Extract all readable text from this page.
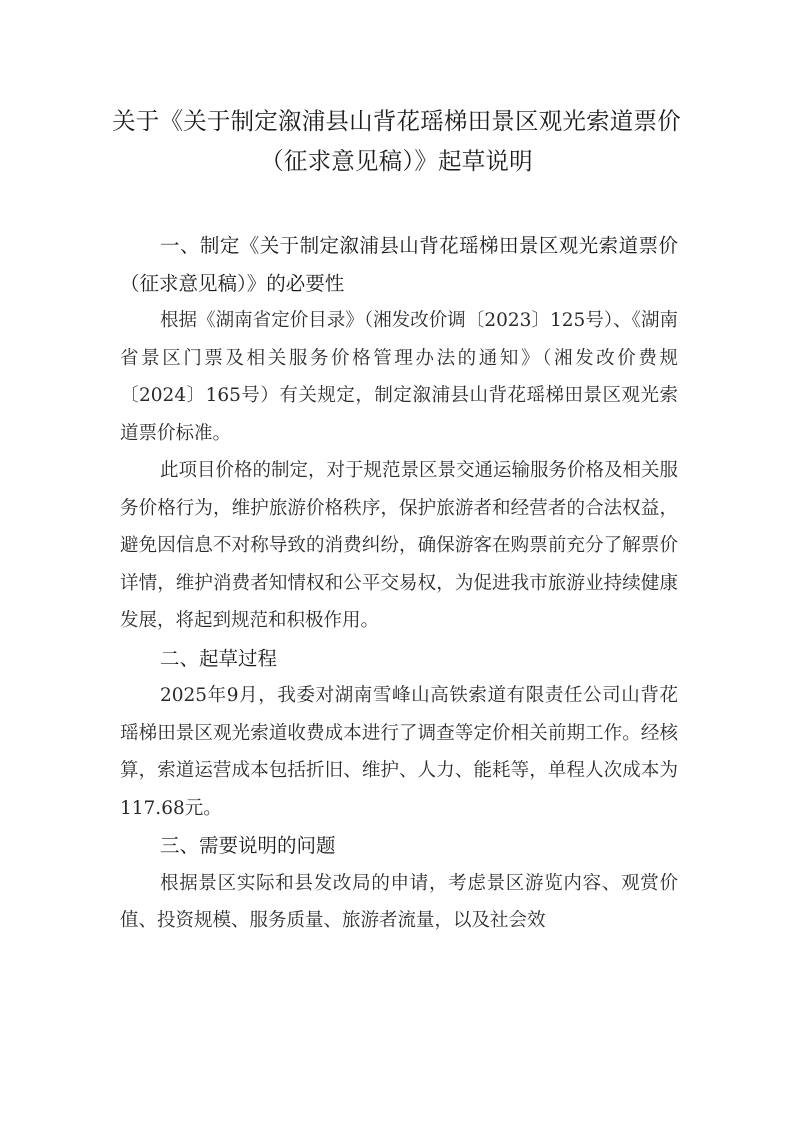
关于《关于制定溆浦县山背花瑶梯田景区观光索道票价（征求意见稿）》起草说明

一、制定《关于制定溆浦县山背花瑶梯田景区观光索道票价（征求意见稿）》的必要性

根据《湖南省定价目录》（湘发改价调〔2023〕125号）、《湖南省景区门票及相关服务价格管理办法的通知》（湘发改价费规〔2024〕165号）有关规定，制定溆浦县山背花瑶梯田景区观光索道票价标准。

此项目价格的制定，对于规范景区景交通运输服务价格及相关服务价格行为，维护旅游价格秩序，保护旅游者和经营者的合法权益，避免因信息不对称导致的消费纠纷，确保游客在购票前充分了解票价详情，维护消费者知情权和公平交易权，为促进我市旅游业持续健康发展，将起到规范和积极作用。

二、起草过程

2025年9月，我委对湖南雪峰山高铁索道有限责任公司山背花瑶梯田景区观光索道收费成本进行了调查等定价相关前期工作。经核算，索道运营成本包括折旧、维护、人力、能耗等，单程人次成本为117.68元。

三、需要说明的问题

根据景区实际和县发改局的申请，考虑景区游览内容、观赏价值、投资规模、服务质量、旅游者流量，以及社会效
